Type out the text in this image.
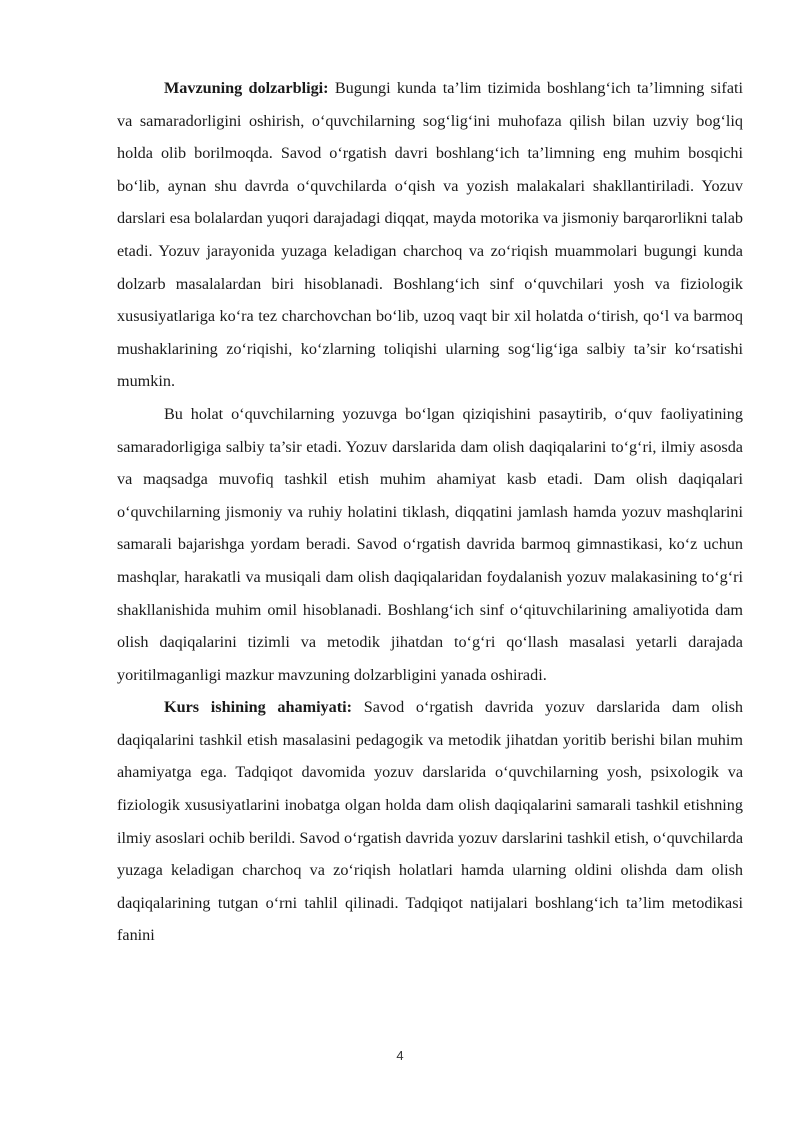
Mavzuning dolzarbligi: Bugungi kunda ta’lim tizimida boshlang‘ich ta’limning sifati va samaradorligini oshirish, o‘quvchilarning sog‘lig‘ini muhofaza qilish bilan uzviy bog‘liq holda olib borilmoqda. Savod o‘rgatish davri boshlang‘ich ta’limning eng muhim bosqichi bo‘lib, aynan shu davrda o‘quvchilarda o‘qish va yozish malakalari shakllantiriladi. Yozuv darslari esa bolalardan yuqori darajadagi diqqat, mayda motorika va jismoniy barqarorlikni talab etadi. Yozuv jarayonida yuzaga keladigan charchoq va zo‘riqish muammolari bugungi kunda dolzarb masalalardan biri hisoblanadi. Boshlang‘ich sinf o‘quvchilari yosh va fiziologik xususiyatlariga ko‘ra tez charchovchan bo‘lib, uzoq vaqt bir xil holatda o‘tirish, qo‘l va barmoq mushaklarining zo‘riqishi, ko‘zlarning toliqishi ularning sog‘lig‘iga salbiy ta’sir ko‘rsatishi mumkin.

Bu holat o‘quvchilarning yozuvga bo‘lgan qiziqishini pasaytirib, o‘quv faoliyatining samaradorligiga salbiy ta’sir etadi. Yozuv darslarida dam olish daqiqalarini to‘g‘ri, ilmiy asosda va maqsadga muvofiq tashkil etish muhim ahamiyat kasb etadi. Dam olish daqiqalari o‘quvchilarning jismoniy va ruhiy holatini tiklash, diqqatini jamlash hamda yozuv mashqlarini samarali bajarishga yordam beradi. Savod o‘rgatish davrida barmoq gimnastikasi, ko‘z uchun mashqlar, harakatli va musiqali dam olish daqiqalaridan foydalanish yozuv malakasining to‘g‘ri shakllanishida muhim omil hisoblanadi. Boshlang‘ich sinf o‘qituvchilarining amaliyotida dam olish daqiqalarini tizimli va metodik jihatdan to‘g‘ri qo‘llash masalasi yetarli darajada yoritilmaganligi mazkur mavzuning dolzarbligini yanada oshiradi.

Kurs ishining ahamiyati: Savod o‘rgatish davrida yozuv darslarida dam olish daqiqalarini tashkil etish masalasini pedagogik va metodik jihatdan yoritib berishi bilan muhim ahamiyatga ega. Tadqiqot davomida yozuv darslarida o‘quvchilarning yosh, psixologik va fiziologik xususiyatlarini inobatga olgan holda dam olish daqiqalarini samarali tashkil etishning ilmiy asoslari ochib berildi. Savod o‘rgatish davrida yozuv darslarini tashkil etish, o‘quvchilarda yuzaga keladigan charchoq va zo‘riqish holatlari hamda ularning oldini olishda dam olish daqiqalarining tutgan o‘rni tahlil qilinadi. Tadqiqot natijalari boshlang‘ich ta’lim metodikasi fanini

4
